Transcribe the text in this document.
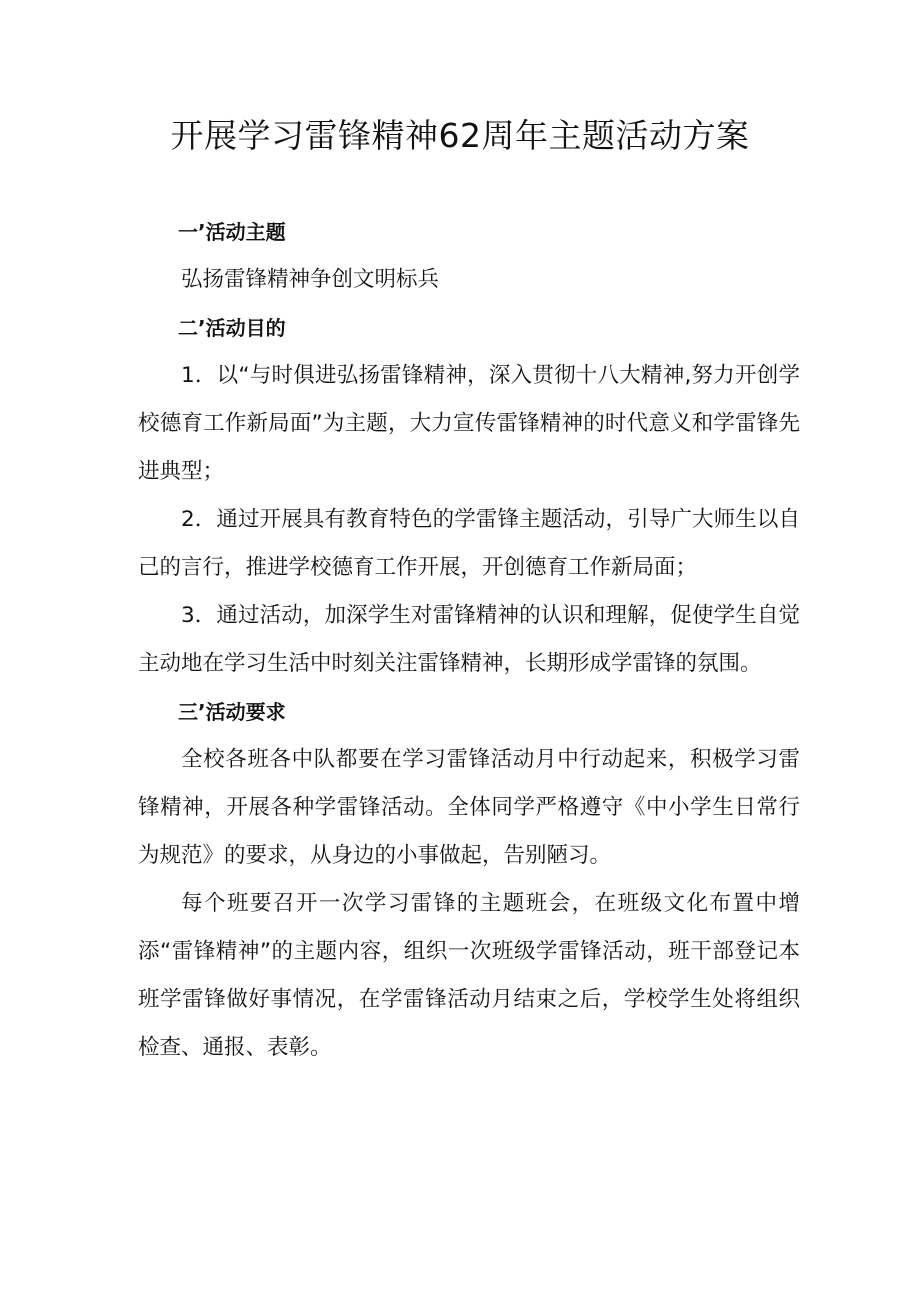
开展学习雷锋精神62周年主题活动方案

一’活动主题

弘扬雷锋精神争创文明标兵

二’活动目的

1．以“与时俱进弘扬雷锋精神，深入贯彻十八大精神,努力开创学校德育工作新局面”为主题，大力宣传雷锋精神的时代意义和学雷锋先进典型；

2．通过开展具有教育特色的学雷锋主题活动，引导广大师生以自己的言行，推进学校德育工作开展，开创德育工作新局面；

3．通过活动，加深学生对雷锋精神的认识和理解，促使学生自觉主动地在学习生活中时刻关注雷锋精神，长期形成学雷锋的氛围。

三’活动要求

全校各班各中队都要在学习雷锋活动月中行动起来，积极学习雷锋精神，开展各种学雷锋活动。全体同学严格遵守《中小学生日常行为规范》的要求，从身边的小事做起，告别陋习。

每个班要召开一次学习雷锋的主题班会，在班级文化布置中增添“雷锋精神”的主题内容，组织一次班级学雷锋活动，班干部登记本班学雷锋做好事情况，在学雷锋活动月结束之后，学校学生处将组织检查、通报、表彰。
